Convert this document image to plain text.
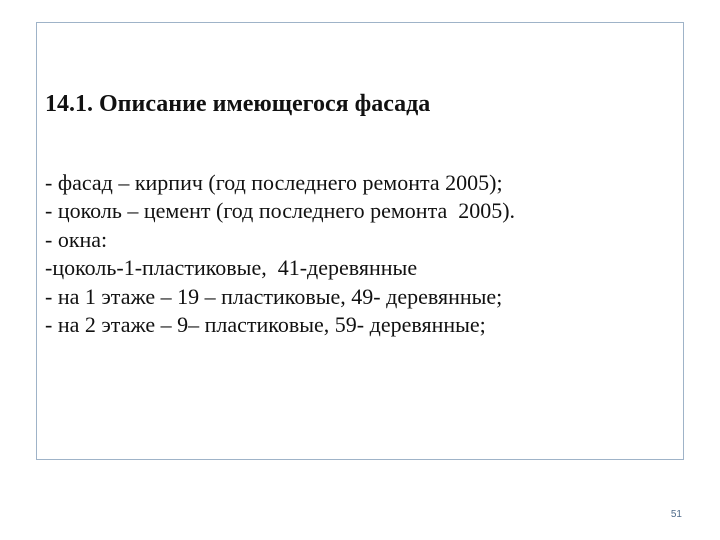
14.1. Описание имеющегося фасада
- фасад – кирпич (год последнего ремонта 2005);
- цоколь – цемент (год последнего ремонта  2005).
- окна:
-цоколь-1-пластиковые,  41-деревянные
- на 1 этаже – 19 – пластиковые, 49- деревянные;
- на 2 этаже – 9– пластиковые, 59- деревянные;
51
